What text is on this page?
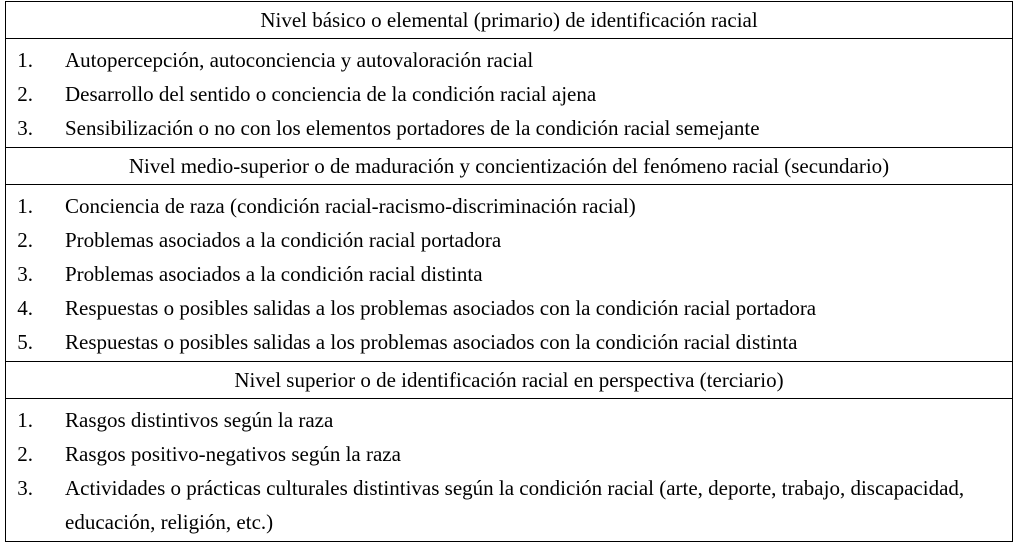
Nivel básico o elemental (primario) de identificación racial
1. Autopercepción, autoconciencia y autovaloración racial
2. Desarrollo del sentido o conciencia de la condición racial ajena
3. Sensibilización o no con los elementos portadores de la condición racial semejante
Nivel medio-superior o de maduración y concientización del fenómeno racial (secundario)
1. Conciencia de raza (condición racial-racismo-discriminación racial)
2. Problemas asociados a la condición racial portadora
3. Problemas asociados a la condición racial distinta
4. Respuestas o posibles salidas a los problemas asociados con la condición racial portadora
5. Respuestas o posibles salidas a los problemas asociados con la condición racial distinta
Nivel superior o de identificación racial en perspectiva (terciario)
1. Rasgos distintivos según la raza
2. Rasgos positivo-negativos según la raza
3. Actividades o prácticas culturales distintivas según la condición racial (arte, deporte, trabajo, discapacidad, educación, religión, etc.)
